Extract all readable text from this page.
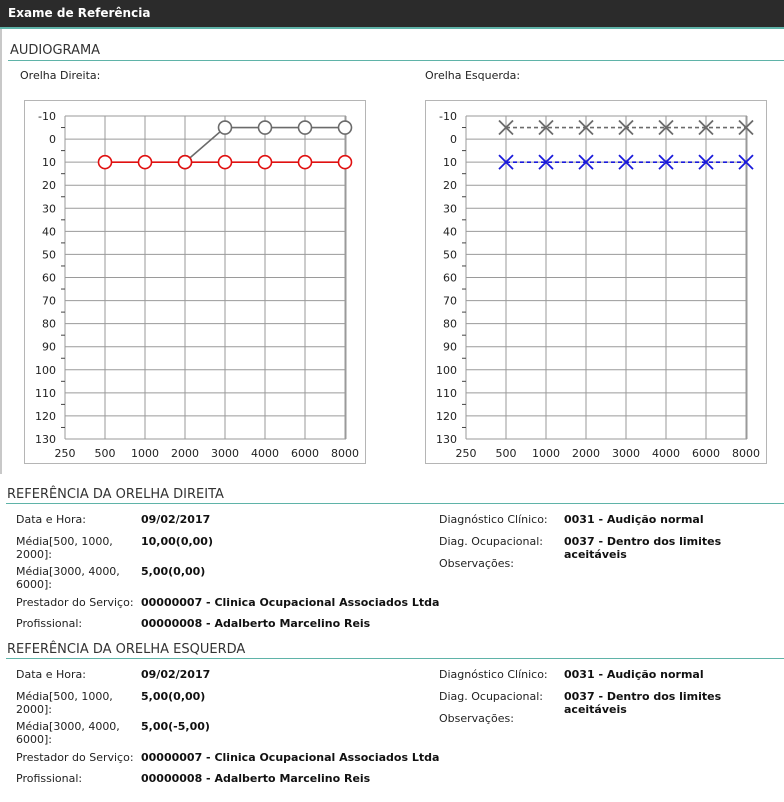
Exame de Referência
AUDIOGRAMA
Orelha Direita:	Orelha Esquerda:
-10
0
10
20
30
40
50
60
70
80
90
100
110
120
130
250 500 1000 2000 3000 4000 6000 8000
-10
0
10
20
30
40
50
60
70
80
90
100
110
120
130
250 500 1000 2000 3000 4000 6000 8000
REFERÊNCIA DA ORELHA DIREITA
Data e Hora:	09/02/2017
Média[500, 1000,
2000]:
10,00(0,00)
Média[3000, 4000,
6000]:
5,00(0,00)
Prestador do Serviço: 00000007 - Clinica Ocupacional Associados Ltda
Profissional:	00000008 - Adalberto Marcelino Reis
Diagnóstico Clínico: 0031 - Audição normal
Diag. Ocupacional: 0037 - Dentro dos limites aceitáveis
Observações:
REFERÊNCIA DA ORELHA ESQUERDA
Data e Hora:	09/02/2017
Média[500, 1000,
2000]:
5,00(0,00)
Média[3000, 4000,
6000]:
5,00(-5,00)
Prestador do Serviço: 00000007 - Clinica Ocupacional Associados Ltda
Profissional:	00000008 - Adalberto Marcelino Reis
Diagnóstico Clínico: 0031 - Audição normal
Diag. Ocupacional: 0037 - Dentro dos limites aceitáveis
Observações:
